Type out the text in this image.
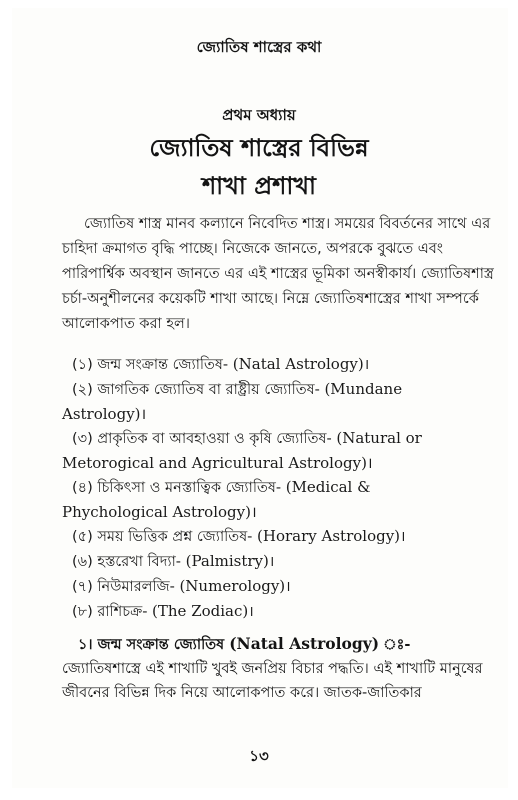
জ্যোতিষ শাস্ত্রের কথা
প্রথম অধ্যায়
জ্যোতিষ শাস্ত্রের বিভিন্ন
শাখা প্রশাখা

জ্যোতিষ শাস্ত্র মানব কল্যানে নিবেদিত শাস্ত্র। সময়ের বিবর্তনের সাথে এর চাহিদা ক্রমাগত বৃদ্ধি পাচ্ছে। নিজেকে জানতে, অপরকে বুঝতে এবং পারিপার্শ্বিক অবস্থান জানতে এর এই শাস্ত্রের ভূমিকা অনস্বীকার্য। জ্যোতিষশাস্ত্র চর্চা-অনুশীলনের কয়েকটি শাখা আছে। নিম্নে জ্যোতিষশাস্ত্রের শাখা সম্পর্কে আলোকপাত করা হল।

(১) জন্ম সংক্রান্ত জ্যোতিষ- (Natal Astrology)।
(২) জাগতিক জ্যোতিষ বা রাষ্ট্রীয় জ্যোতিষ- (Mundane
Astrology)।
(৩) প্রাকৃতিক বা আবহাওয়া ও কৃষি জ্যোতিষ- (Natural or
Metorogical and Agricultural Astrology)।
(৪) চিকিৎসা ও মনস্তাত্বিক জ্যোতিষ- (Medical &
Phychological Astrology)।
(৫) সময় ভিত্তিক প্রশ্ন জ্যোতিষ- (Horary Astrology)।
(৬) হস্তরেখা বিদ্যা- (Palmistry)।
(৭) নিউমারলজি- (Numerology)।
(৮) রাশিচক্র- (The Zodiac)।
১। জন্ম সংক্রান্ত জ্যোতিষ (Natal Astrology) ঃ-

জ্যোতিষশাস্ত্রে এই শাখাটি খুবই জনপ্রিয় বিচার পদ্ধতি। এই শাখাটি মানুষের জীবনের বিভিন্ন দিক নিয়ে আলোকপাত করে। জাতক-জাতিকার

১৩
